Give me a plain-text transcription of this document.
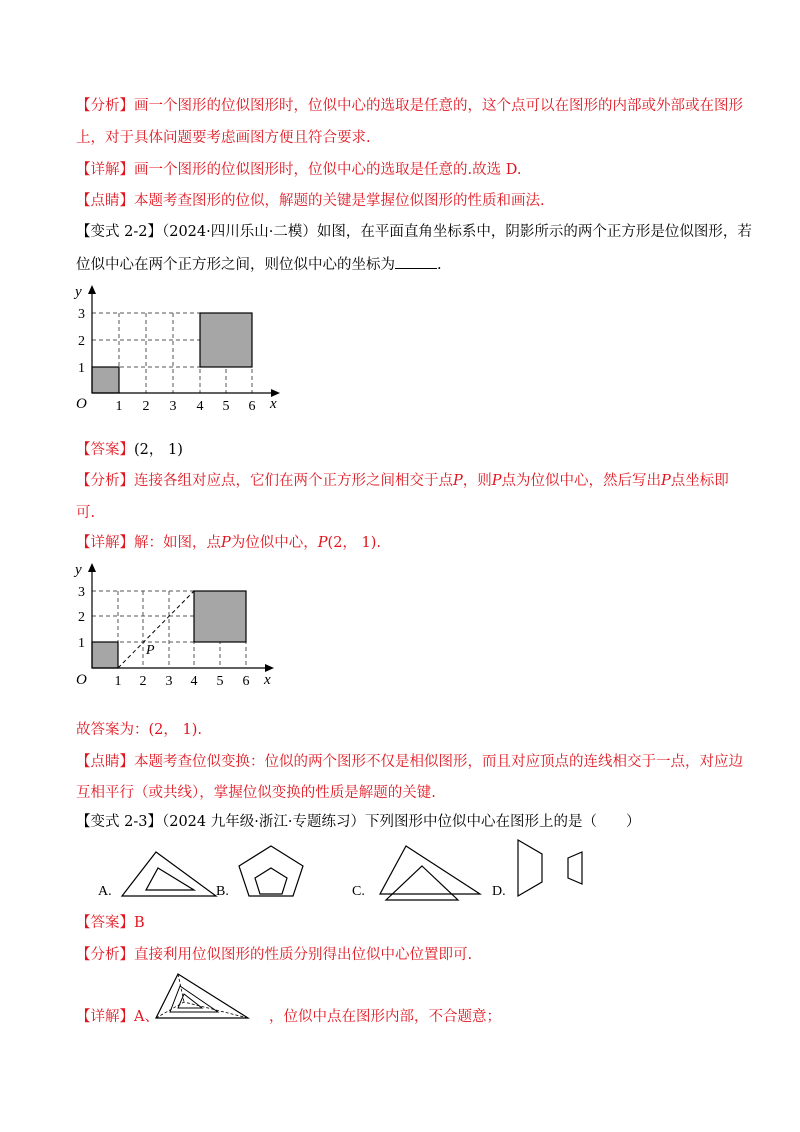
【分析】画一个图形的位似图形时，位似中心的选取是任意的，这个点可以在图形的内部或外部或在图形
上，对于具体问题要考虑画图方便且符合要求.
【详解】画一个图形的位似图形时，位似中心的选取是任意的.故选 D.
【点睛】本题考查图形的位似，解题的关键是掌握位似图形的性质和画法.
【变式 2-2】（2024·四川乐山·二模）如图，在平面直角坐标系中，阴影所示的两个正方形是位似图形，若
位似中心在两个正方形之间，则位似中心的坐标为	.
y
x
O 1 2 3 4 5 6
1
2
3
【答案】(2， 1)
【分析】连接各组对应点，它们在两个正方形之间相交于点P，则P点为位似中心，然后写出P点坐标即
可.
【详解】解：如图，点P为位似中心，P(2， 1).
y
x
O
P
1 2 3 4 5 6
1
2
3
故答案为：(2， 1).
【点睛】本题考查位似变换：位似的两个图形不仅是相似图形，而且对应顶点的连线相交于一点，对应边
互相平行（或共线），掌握位似变换的性质是解题的关键.
【变式 2-3】（2024 九年级·浙江·专题练习）下列图形中位似中心在图形上的是（　　）
A.	B.	C.	D.
【答案】B
【分析】直接利用位似图形的性质分别得出位似中心位置即可.
【详解】A、	，位似中点在图形内部，不合题意；
